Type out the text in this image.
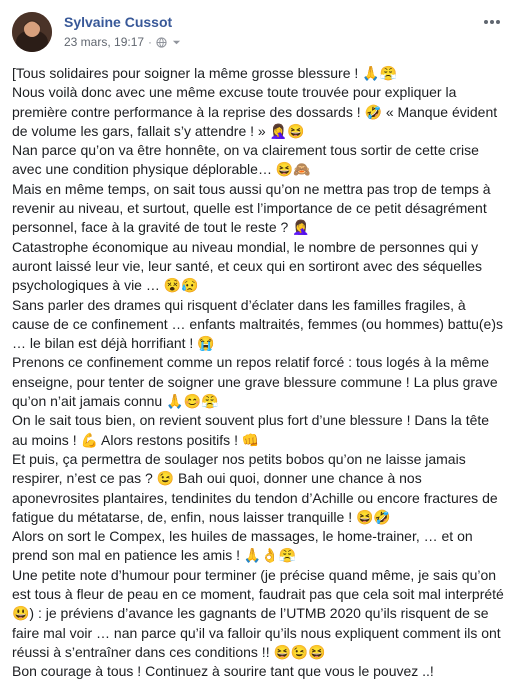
Sylvaine Cussot
23 mars, 19:17 ·

[Tous solidaires pour soigner la même grosse blessure ! 🙏😤

Nous voilà donc avec une même excuse toute trouvée pour expliquer la première contre performance à la reprise des dossards ! 🤣 « Manque évident de volume les gars, fallait s’y attendre ! » 🤦‍♀️😆

Nan parce qu’on va être honnête, on va clairement tous sortir de cette crise avec une condition physique déplorable… 😆🙈

Mais en même temps, on sait tous aussi qu’on ne mettra pas trop de temps à revenir au niveau, et surtout, quelle est l’importance de ce petit désagrément personnel, face à la gravité de tout le reste ? 🤦‍♀️

Catastrophe économique au niveau mondial, le nombre de personnes qui y auront laissé leur vie, leur santé, et ceux qui en sortiront avec des séquelles psychologiques à vie … 😵😥

Sans parler des drames qui risquent d’éclater dans les familles fragiles, à cause de ce confinement … enfants maltraités, femmes (ou hommes) battu(e)s … le bilan est déjà horrifiant ! 😭

Prenons ce confinement comme un repos relatif forcé : tous logés à la même enseigne, pour tenter de soigner une grave blessure commune ! La plus grave qu’on n’ait jamais connu 🙏😊😤

On le sait tous bien, on revient souvent plus fort d’une blessure ! Dans la tête au moins ! 💪 Alors restons positifs ! 👊

Et puis, ça permettra de soulager nos petits bobos qu’on ne laisse jamais respirer, n’est ce pas ? 😉 Bah oui quoi, donner une chance à nos aponevrosites plantaires, tendinites du tendon d’Achille ou encore fractures de fatigue du métatarse, de, enfin, nous laisser tranquille ! 😆🤣

Alors on sort le Compex, les huiles de massages, le home-trainer, … et on prend son mal en patience les amis ! 🙏👌😤

Une petite note d’humour pour terminer (je précise quand même, je sais qu’on est tous à fleur de peau en ce moment, faudrait pas que cela soit mal interprété 😃) : je préviens d’avance les gagnants de l’UTMB 2020 qu’ils risquent de se faire mal voir … nan parce qu’il va falloir qu’ils nous expliquent comment ils ont réussi à s’entraîner dans ces conditions !! 😆😉😆

Bon courage à tous ! Continuez à sourire tant que vous le pouvez ..!
